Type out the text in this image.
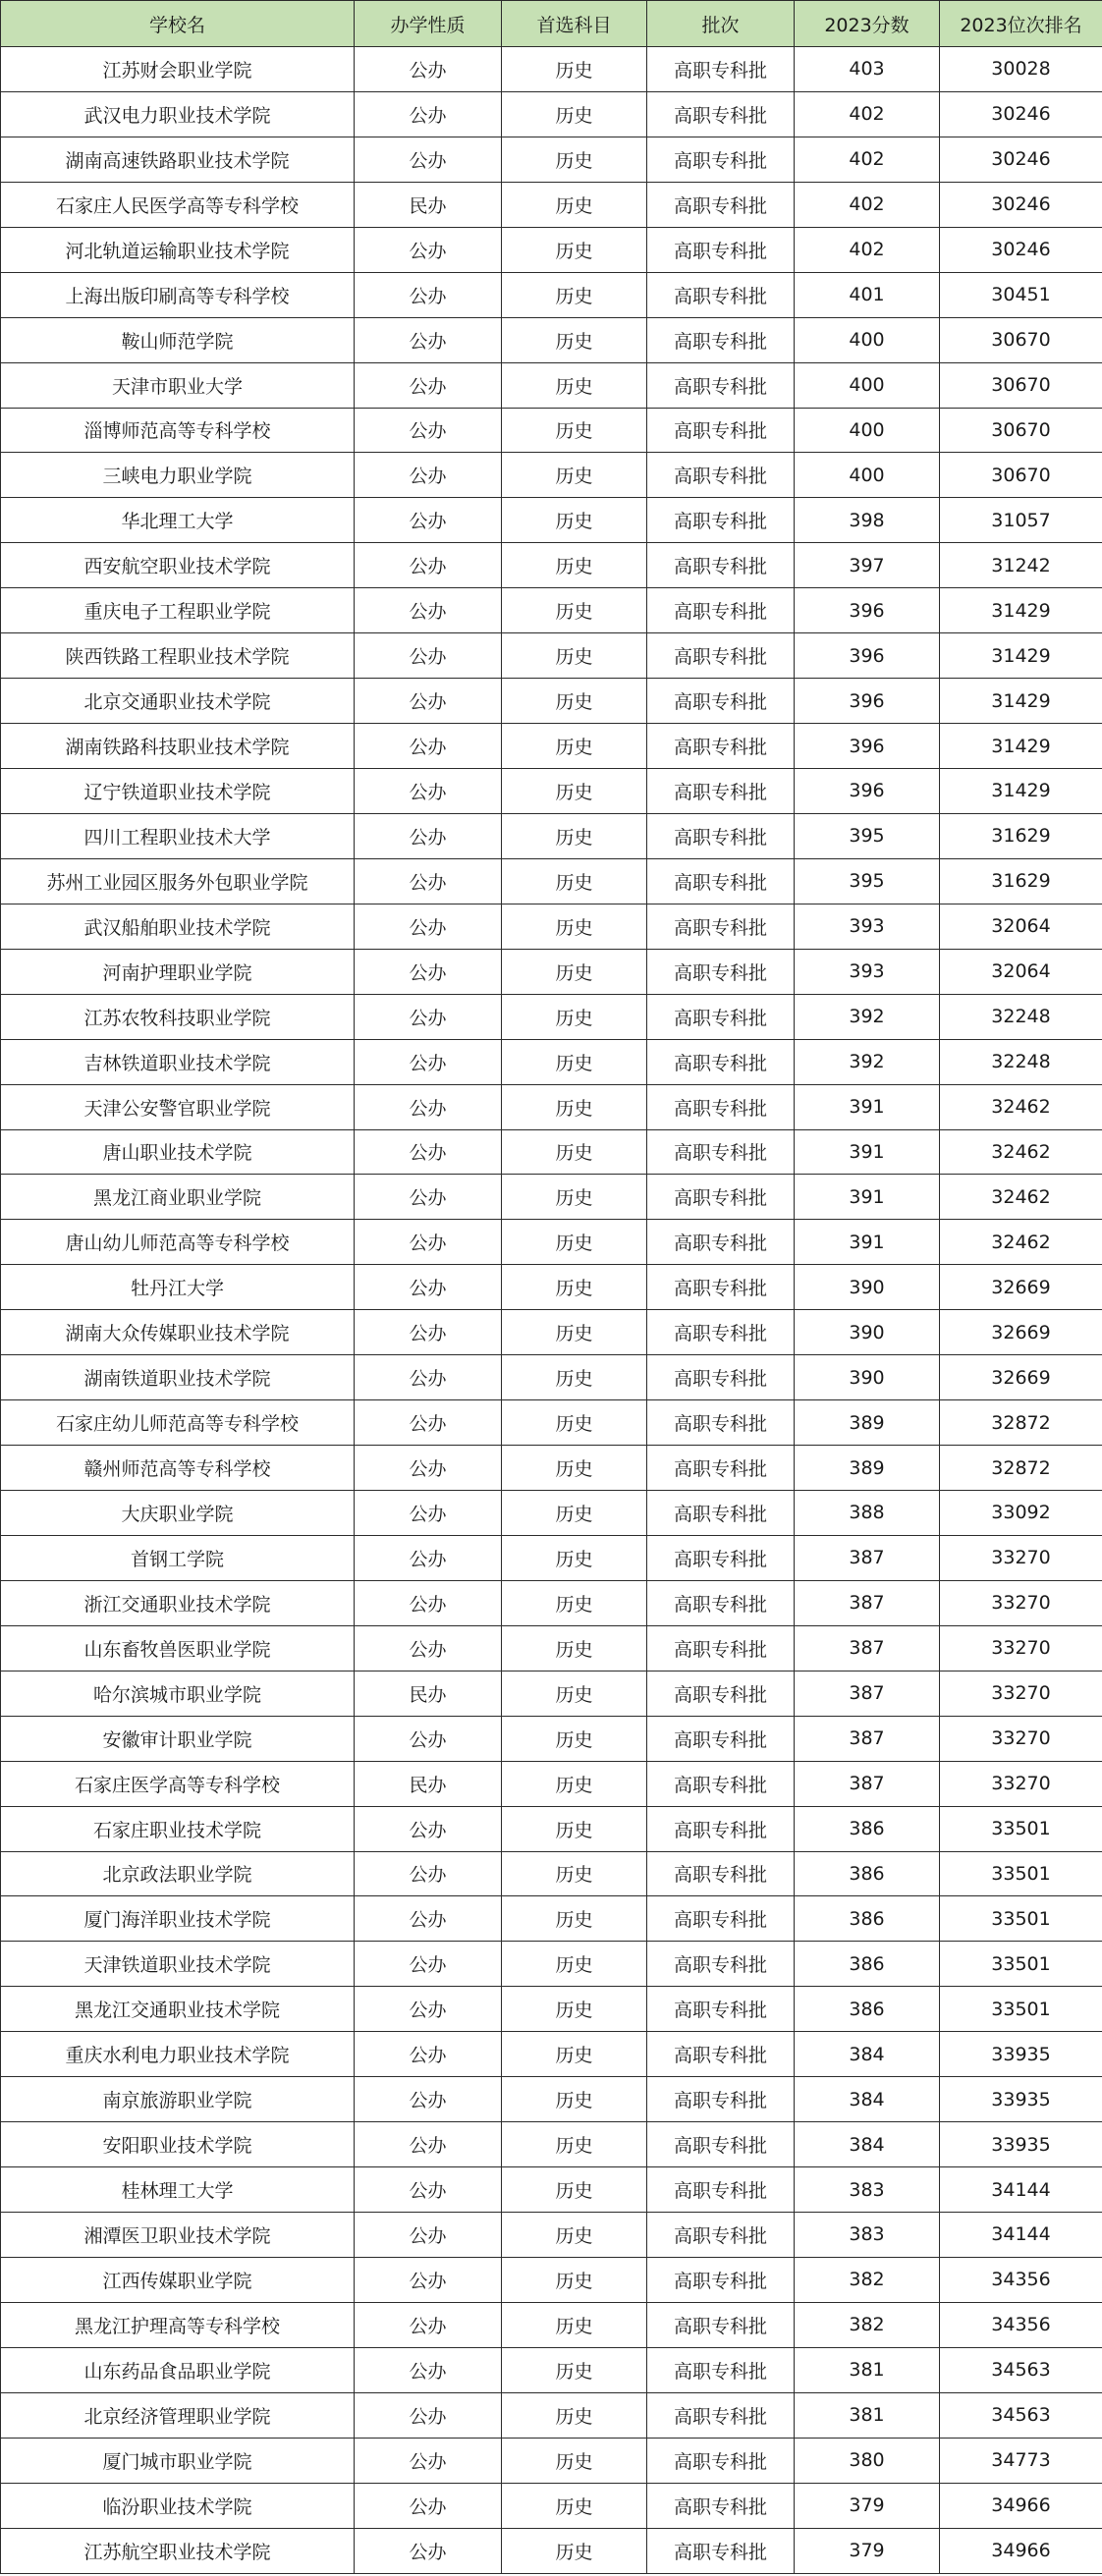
学校名	办学性质	首选科目	批次	2023分数	2023位次排名
江苏财会职业学院	公办	历史	高职专科批	403	30028
武汉电力职业技术学院	公办	历史	高职专科批	402	30246
湖南高速铁路职业技术学院	公办	历史	高职专科批	402	30246
石家庄人民医学高等专科学校	民办	历史	高职专科批	402	30246
河北轨道运输职业技术学院	公办	历史	高职专科批	402	30246
上海出版印刷高等专科学校	公办	历史	高职专科批	401	30451
鞍山师范学院	公办	历史	高职专科批	400	30670
天津市职业大学	公办	历史	高职专科批	400	30670
淄博师范高等专科学校	公办	历史	高职专科批	400	30670
三峡电力职业学院	公办	历史	高职专科批	400	30670
华北理工大学	公办	历史	高职专科批	398	31057
西安航空职业技术学院	公办	历史	高职专科批	397	31242
重庆电子工程职业学院	公办	历史	高职专科批	396	31429
陕西铁路工程职业技术学院	公办	历史	高职专科批	396	31429
北京交通职业技术学院	公办	历史	高职专科批	396	31429
湖南铁路科技职业技术学院	公办	历史	高职专科批	396	31429
辽宁铁道职业技术学院	公办	历史	高职专科批	396	31429
四川工程职业技术大学	公办	历史	高职专科批	395	31629
苏州工业园区服务外包职业学院	公办	历史	高职专科批	395	31629
武汉船舶职业技术学院	公办	历史	高职专科批	393	32064
河南护理职业学院	公办	历史	高职专科批	393	32064
江苏农牧科技职业学院	公办	历史	高职专科批	392	32248
吉林铁道职业技术学院	公办	历史	高职专科批	392	32248
天津公安警官职业学院	公办	历史	高职专科批	391	32462
唐山职业技术学院	公办	历史	高职专科批	391	32462
黑龙江商业职业学院	公办	历史	高职专科批	391	32462
唐山幼儿师范高等专科学校	公办	历史	高职专科批	391	32462
牡丹江大学	公办	历史	高职专科批	390	32669
湖南大众传媒职业技术学院	公办	历史	高职专科批	390	32669
湖南铁道职业技术学院	公办	历史	高职专科批	390	32669
石家庄幼儿师范高等专科学校	公办	历史	高职专科批	389	32872
赣州师范高等专科学校	公办	历史	高职专科批	389	32872
大庆职业学院	公办	历史	高职专科批	388	33092
首钢工学院	公办	历史	高职专科批	387	33270
浙江交通职业技术学院	公办	历史	高职专科批	387	33270
山东畜牧兽医职业学院	公办	历史	高职专科批	387	33270
哈尔滨城市职业学院	民办	历史	高职专科批	387	33270
安徽审计职业学院	公办	历史	高职专科批	387	33270
石家庄医学高等专科学校	民办	历史	高职专科批	387	33270
石家庄职业技术学院	公办	历史	高职专科批	386	33501
北京政法职业学院	公办	历史	高职专科批	386	33501
厦门海洋职业技术学院	公办	历史	高职专科批	386	33501
天津铁道职业技术学院	公办	历史	高职专科批	386	33501
黑龙江交通职业技术学院	公办	历史	高职专科批	386	33501
重庆水利电力职业技术学院	公办	历史	高职专科批	384	33935
南京旅游职业学院	公办	历史	高职专科批	384	33935
安阳职业技术学院	公办	历史	高职专科批	384	33935
桂林理工大学	公办	历史	高职专科批	383	34144
湘潭医卫职业技术学院	公办	历史	高职专科批	383	34144
江西传媒职业学院	公办	历史	高职专科批	382	34356
黑龙江护理高等专科学校	公办	历史	高职专科批	382	34356
山东药品食品职业学院	公办	历史	高职专科批	381	34563
北京经济管理职业学院	公办	历史	高职专科批	381	34563
厦门城市职业学院	公办	历史	高职专科批	380	34773
临汾职业技术学院	公办	历史	高职专科批	379	34966
江苏航空职业技术学院	公办	历史	高职专科批	379	34966
